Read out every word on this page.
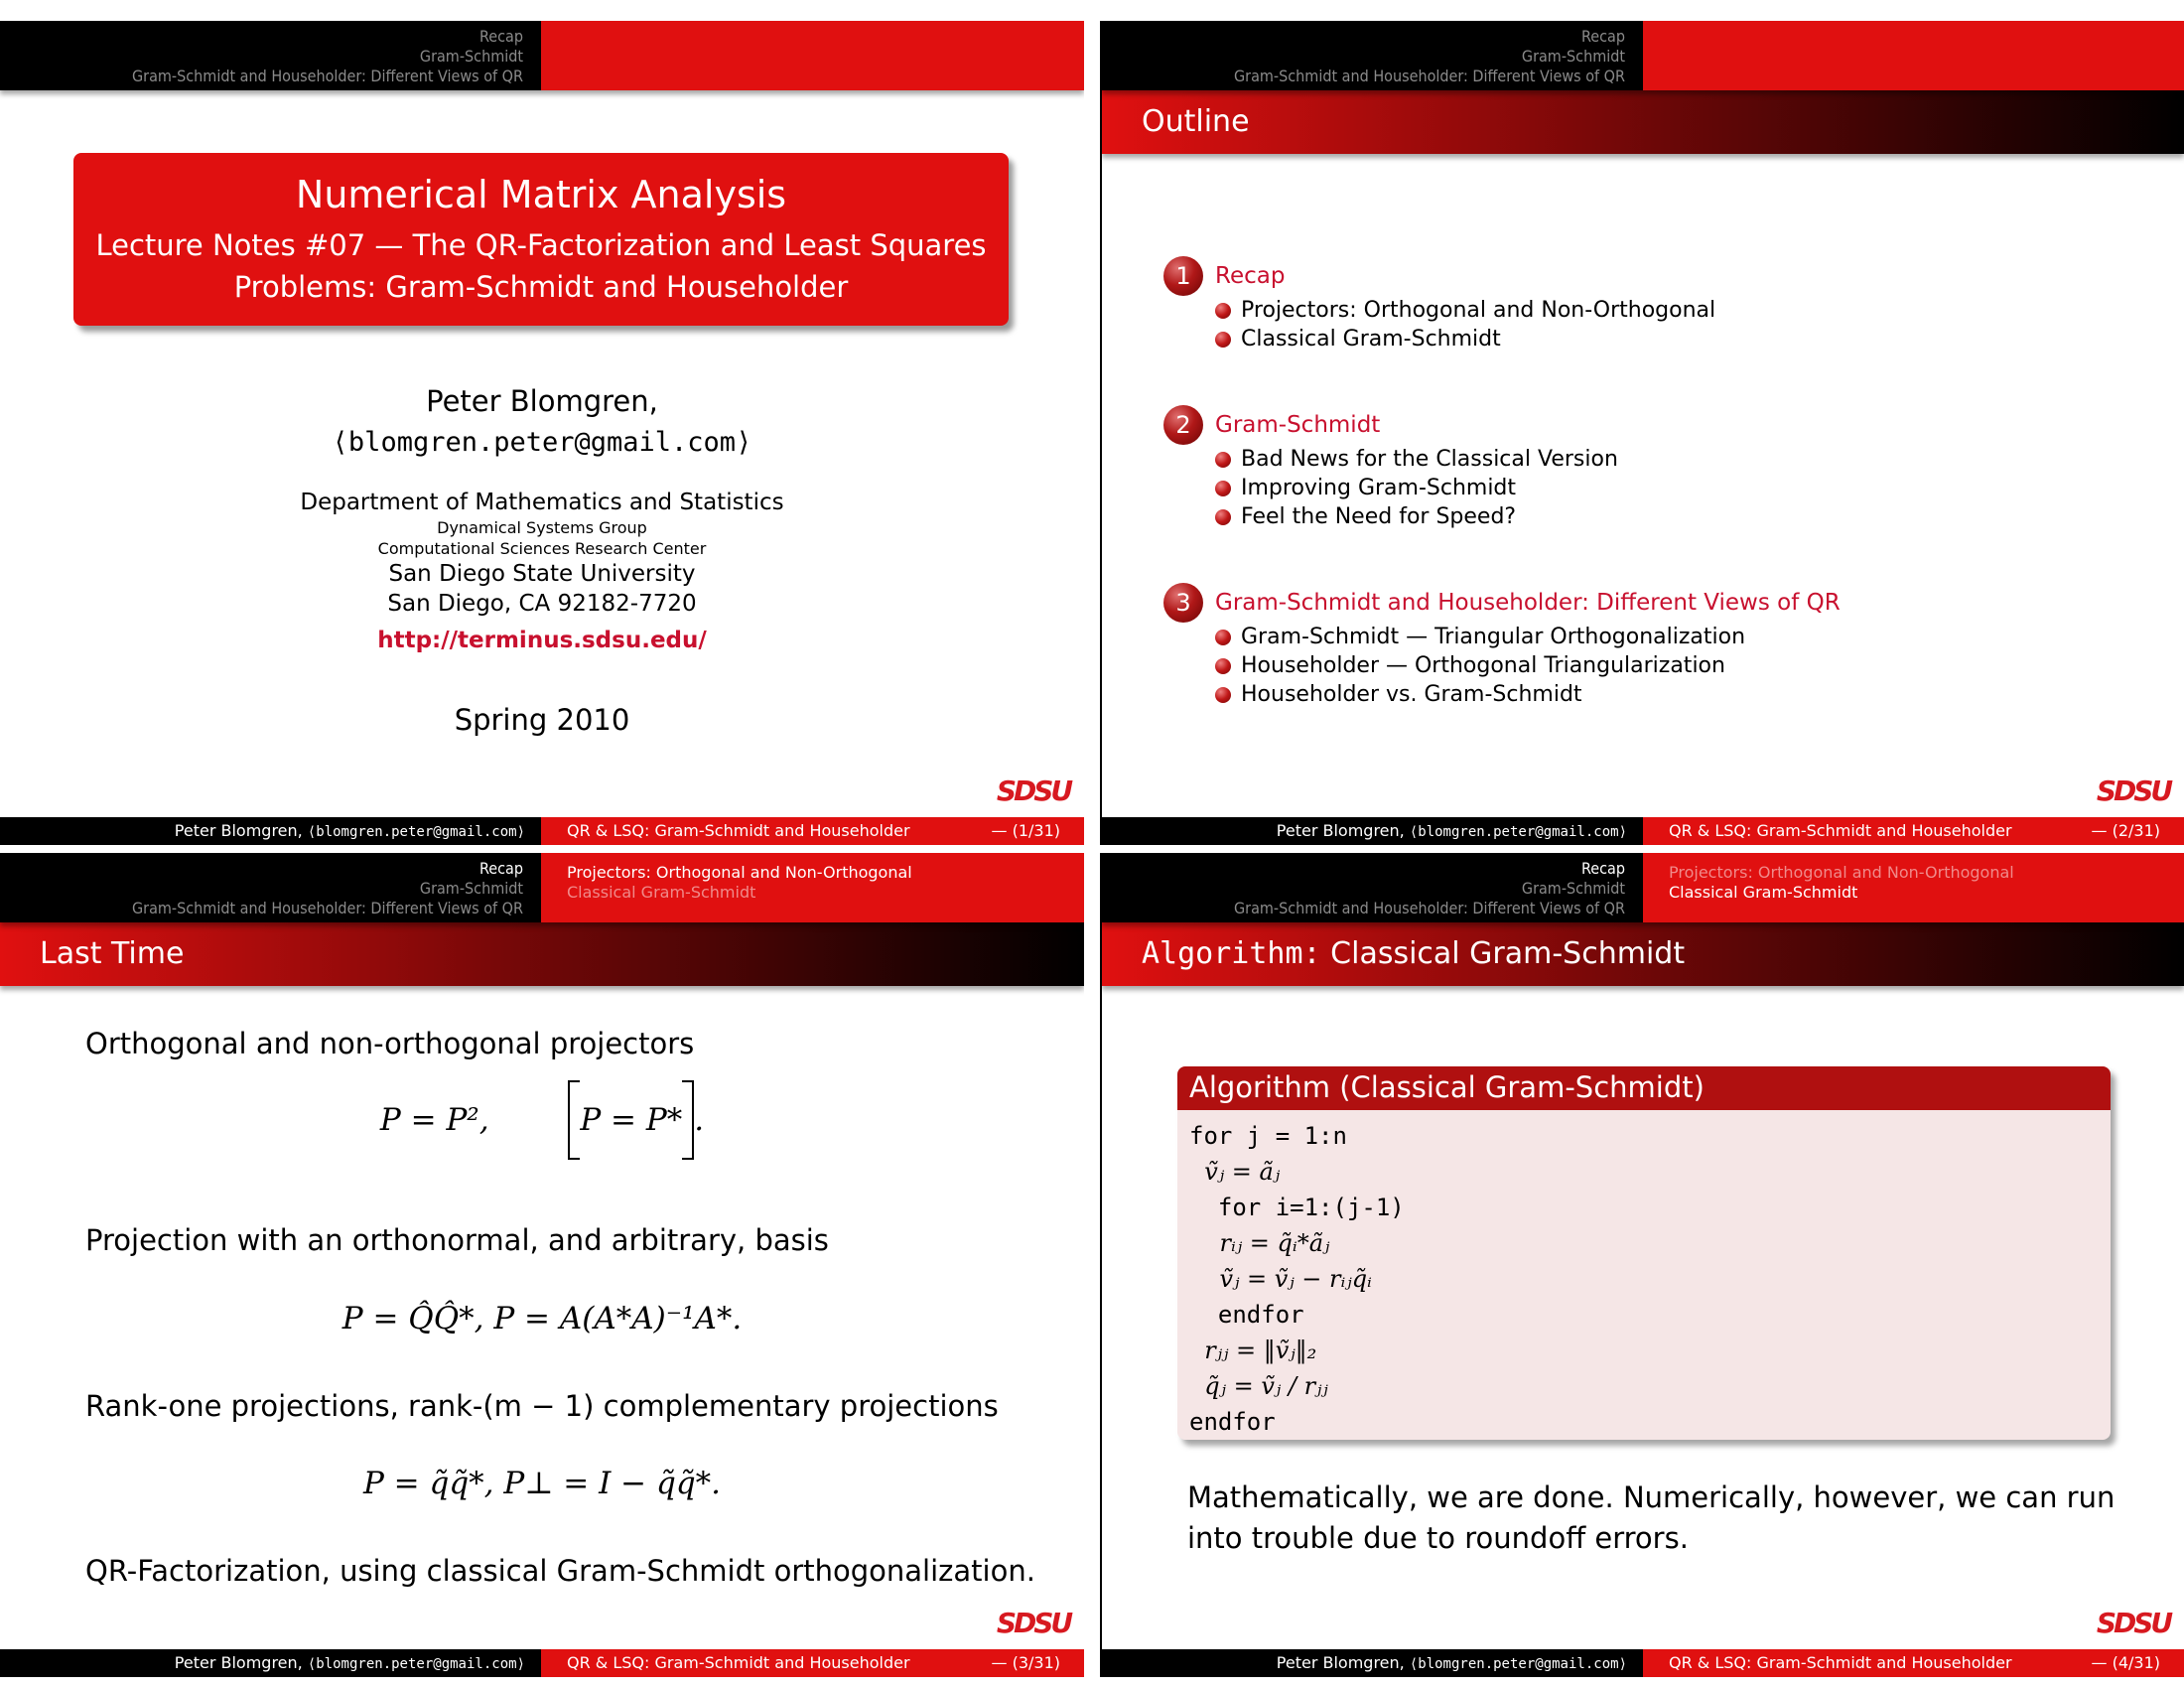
Recap
Gram-Schmidt
Gram-Schmidt and Householder: Different Views of QR
Numerical Matrix Analysis
Lecture Notes #07 — The QR-Factorization and Least Squares
Problems: Gram-Schmidt and Householder
Peter Blomgren,
⟨blomgren.peter@gmail.com⟩
Department of Mathematics and Statistics
Dynamical Systems Group
Computational Sciences Research Center
San Diego State University
San Diego, CA 92182-7720
http://terminus.sdsu.edu/
Spring 2010
SDSU
Peter Blomgren, ⟨blomgren.peter@gmail.com⟩	QR & LSQ: Gram-Schmidt and Householder	— (1/31)
Recap
Gram-Schmidt
Gram-Schmidt and Householder: Different Views of QR
Outline
1	Recap
Projectors: Orthogonal and Non-Orthogonal
Classical Gram-Schmidt
2	Gram-Schmidt
Bad News for the Classical Version
Improving Gram-Schmidt
Feel the Need for Speed?
3	Gram-Schmidt and Householder: Different Views of QR
Gram-Schmidt — Triangular Orthogonalization
Householder — Orthogonal Triangularization
Householder vs. Gram-Schmidt
SDSU
Peter Blomgren, ⟨blomgren.peter@gmail.com⟩	QR & LSQ: Gram-Schmidt and Householder	— (2/31)
Recap
Gram-Schmidt
Gram-Schmidt and Householder: Different Views of QR
Projectors: Orthogonal and Non-Orthogonal
Classical Gram-Schmidt
Last Time
Orthogonal and non-orthogonal projectors
P = P²,	P = P* .
Projection with an orthonormal, and arbitrary, basis
P = Q̂Q̂*, P = A(A*A)⁻¹A*.
Rank-one projections, rank-(m − 1) complementary projections
P = q̃q̃*, P⊥ = I − q̃q̃*.
QR-Factorization, using classical Gram-Schmidt orthogonalization.
SDSU
Peter Blomgren, ⟨blomgren.peter@gmail.com⟩	QR & LSQ: Gram-Schmidt and Householder	— (3/31)
Recap
Gram-Schmidt
Gram-Schmidt and Householder: Different Views of QR
Projectors: Orthogonal and Non-Orthogonal
Classical Gram-Schmidt
Algorithm: Classical Gram-Schmidt
Algorithm (Classical Gram-Schmidt)
for j = 1:n
ṽⱼ = ãⱼ
for i=1:(j-1)
rᵢⱼ = q̃ᵢ*ãⱼ
ṽⱼ = ṽⱼ − rᵢⱼq̃ᵢ
endfor
rⱼⱼ = ‖ṽⱼ‖₂
q̃ⱼ = ṽⱼ / rⱼⱼ
endfor
Mathematically, we are done. Numerically, however, we can run into trouble due to roundoff errors.
SDSU
Peter Blomgren, ⟨blomgren.peter@gmail.com⟩	QR & LSQ: Gram-Schmidt and Householder	— (4/31)
